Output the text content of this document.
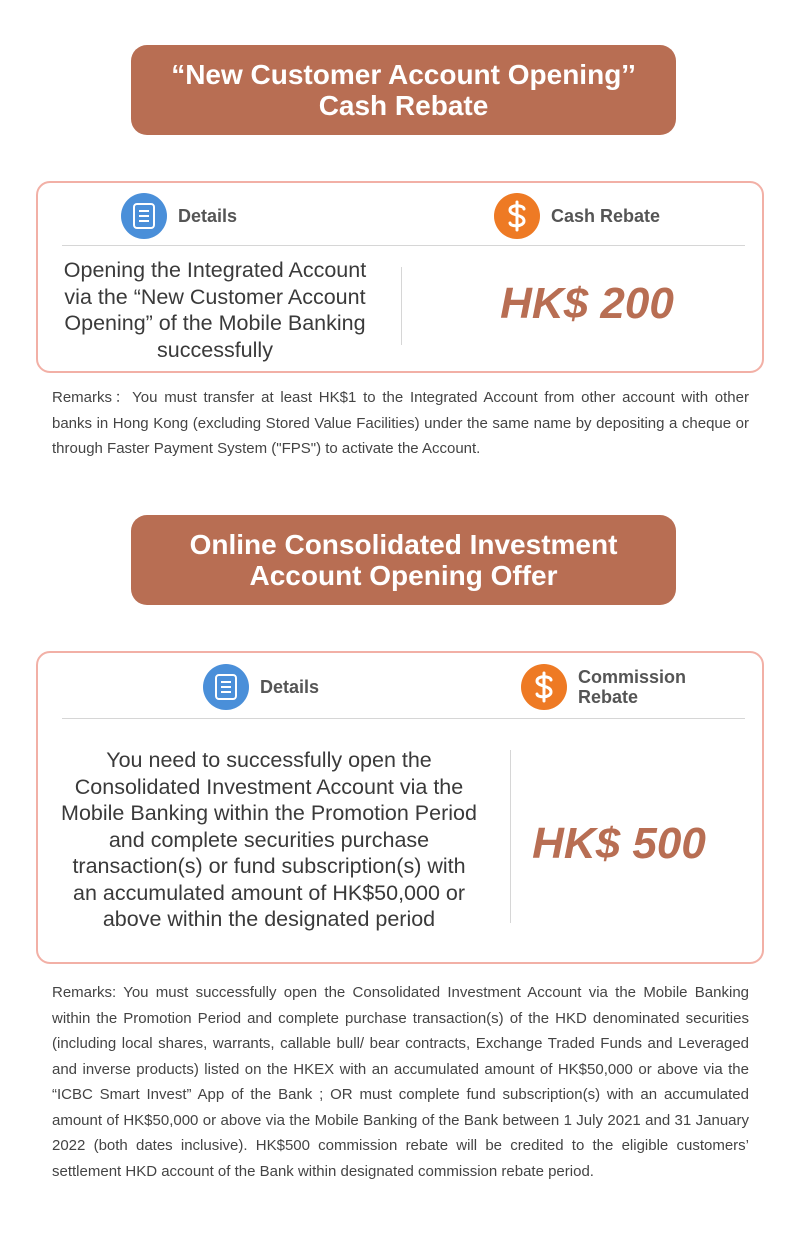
“New Customer Account Opening’’
Cash Rebate
Details	Cash Rebate
Opening the Integrated Account via the “New Customer Account Opening” of the Mobile Banking successfully
HK$ 200
Remarks：You must transfer at least HK$1 to the Integrated Account from other account with other banks in Hong Kong (excluding Stored Value Facilities) under the same name by depositing a cheque or through Faster Payment System ("FPS") to activate the Account.
Online Consolidated Investment
Account Opening Offer
Details	Commission
Rebate
You need to successfully open the Consolidated Investment Account via the Mobile Banking within the Promotion Period and complete securities purchase transaction(s) or fund subscription(s) with an accumulated amount of HK$50,000 or above within the designated period
HK$ 500
Remarks: You must successfully open the Consolidated Investment Account via the Mobile Banking within the Promotion Period and complete purchase transaction(s) of the HKD denominated securities (including local shares, warrants, callable bull/ bear contracts, Exchange Traded Funds and Leveraged and inverse products) listed on the HKEX with an accumulated amount of HK$50,000 or above via the “ICBC Smart Invest” App of the Bank ; OR must complete fund subscription(s) with an accumulated amount of HK$50,000 or above via the Mobile Banking of the Bank between 1 July 2021 and 31 January 2022 (both dates inclusive). HK$500 commission rebate will be credited to the eligible customers’ settlement HKD account of the Bank within designated commission rebate period.
